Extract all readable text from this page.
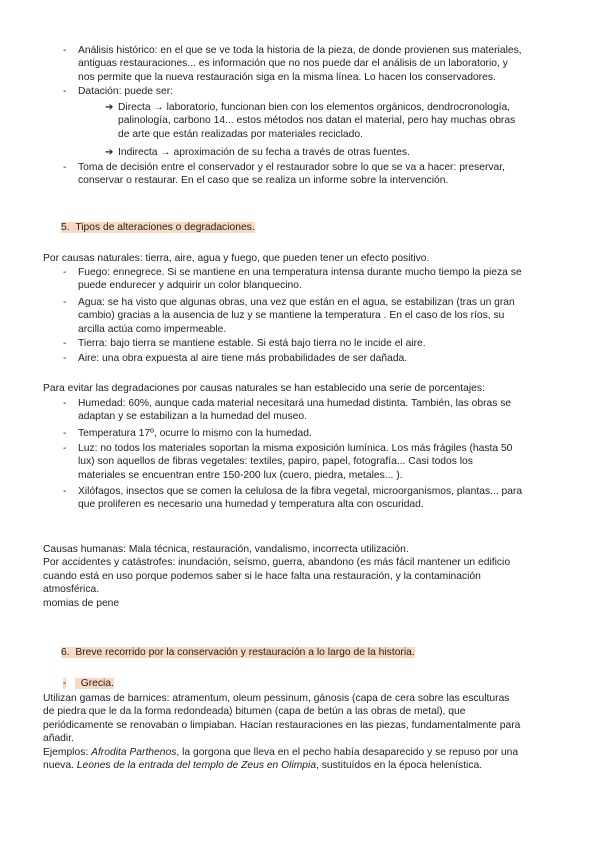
- Análisis histórico: en el que se ve toda la historia de la pieza, de donde provienen sus materiales,
antiguas restauraciones... es información que no nos puede dar el análisis de un laboratorio, y
nos permite que la nueva restauración siga en la misma línea. Lo hacen los conservadores.
- Datación: puede ser:
➔ Directa → laboratorio, funcionan bien con los elementos orgánicos, dendrocronología,
palinología, carbono 14... estos métodos nos datan el material, pero hay muchas obras
de arte que están realizadas por materiales reciclado.
➔ Indirecta → aproximación de su fecha a través de otras fuentes.
- Toma de decisión entre el conservador y el restaurador sobre lo que se va a hacer: preservar,
conservar o restaurar. En el caso que se realiza un informe sobre la intervención.
5. Tipos de alteraciones o degradaciones.
Por causas naturales: tierra, aire, agua y fuego, que pueden tener un efecto positivo.
- Fuego: ennegrece. Si se mantiene en una temperatura intensa durante mucho tiempo la pieza se
puede endurecer y adquirir un color blanquecino.
- Agua: se ha visto que algunas obras, una vez que están en el agua, se estabilizan (tras un gran
cambio) gracias a la ausencia de luz y se mantiene la temperatura . En el caso de los ríos, su
arcilla actúa como impermeable.
- Tierra: bajo tierra se mantiene estable. Si está bajo tierra no le incide el aire.
- Aire: una obra expuesta al aire tiene más probabilidades de ser dañada.
Para evitar las degradaciones por causas naturales se han establecido una serie de porcentajes:
- Humedad: 60%, aunque cada material necesitará una humedad distinta. También, las obras se
adaptan y se estabilizan a la humedad del museo.
- Temperatura 17º, ocurre lo mismo con la humedad.
- Luz: no todos los materiales soportan la misma exposición lumínica. Los más frágiles (hasta 50
lux) son aquellos de fibras vegetales: textiles, papiro, papel, fotografía... Casi todos los
materiales se encuentran entre 150-200 lux (cuero, piedra, metales... ).
- Xilófagos, insectos que se comen la celulosa de la fibra vegetal, microorganismos, plantas... para
que proliferen es necesario una humedad y temperatura alta con oscuridad.
Causas humanas: Mala técnica, restauración, vandalismo, incorrecta utilización.
Por accidentes y catástrofes: inundación, seísmo, guerra, abandono (es más fácil mantener un edificio
cuando está en uso porque podemos saber si le hace falta una restauración, y la contaminación
atmosférica.
momias de pene
6. Breve recorrido por la conservación y restauración a lo largo de la historia.
-	Grecia.
Utilizan gamas de barnices: atramentum, oleum pessinum, gánosis (capa de cera sobre las esculturas
de piedra que le da la forma redondeada) bitumen (capa de betún a las obras de metal), que
periódicamente se renovaban o limpiaban. Hacían restauraciones en las piezas, fundamentalmente para
añadir.
Ejemplos: Afrodita Parthenos, la gorgona que lleva en el pecho había desaparecido y se repuso por una
nueva. Leones de la entrada del templo de Zeus en Olimpia, sustituídos en la época helenística.
